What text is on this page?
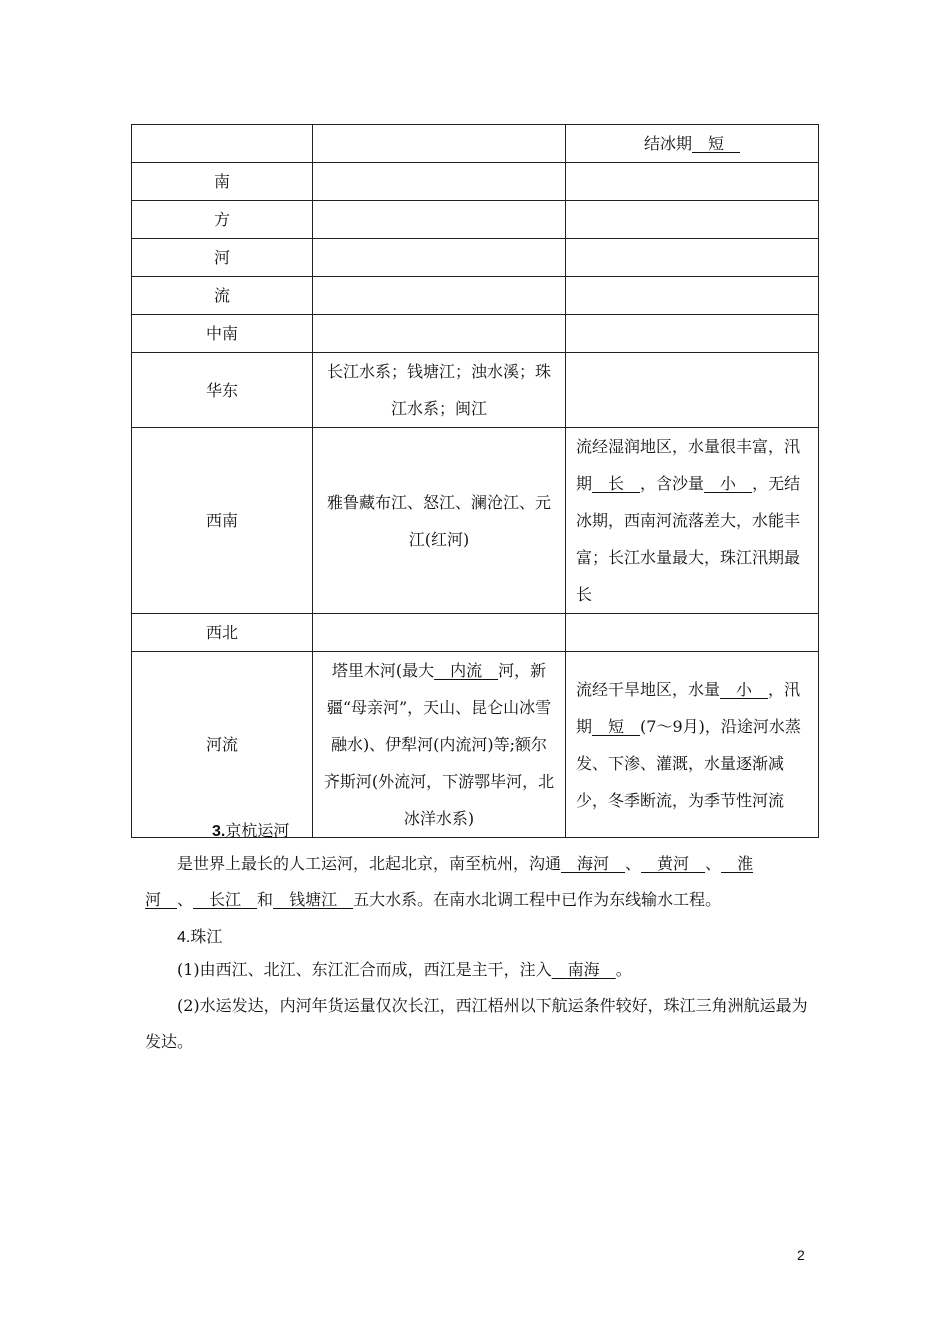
		结冰期  短 
南		
方		
河		
流		
中南		
华东	长江水系；钱塘江；浊水溪；珠江水系；闽江	
西南	雅鲁藏布江、怒江、澜沧江、元江(红河)	流经湿润地区，水量很丰富，汛期  长  ，含沙量  小  ，无结冰期，西南河流落差大，水能丰富；长江水量最大，珠江汛期最长
西北		
河流	塔里木河(最大  内流  河，新疆“母亲河”，天山、昆仑山冰雪融水)、伊犁河(内流河)等;额尔齐斯河(外流河，下游鄂毕河，北冰洋水系)	流经干旱地区，水量  小  ，汛期  短  (7～9月)，沿途河水蒸发、下渗、灌溉，水量逐渐减少，冬季断流，为季节性河流
3.京杭运河
是世界上最长的人工运河，北起北京，南至杭州，沟通  海河  、  黄河  、  淮河  、  长江  和  钱塘江  五大水系。在南水北调工程中已作为东线输水工程。
4.珠江
(1)由西江、北江、东江汇合而成，西江是主干，注入  南海  。
(2)水运发达，内河年货运量仅次长江，西江梧州以下航运条件较好，珠江三角洲航运最为发达。
2
